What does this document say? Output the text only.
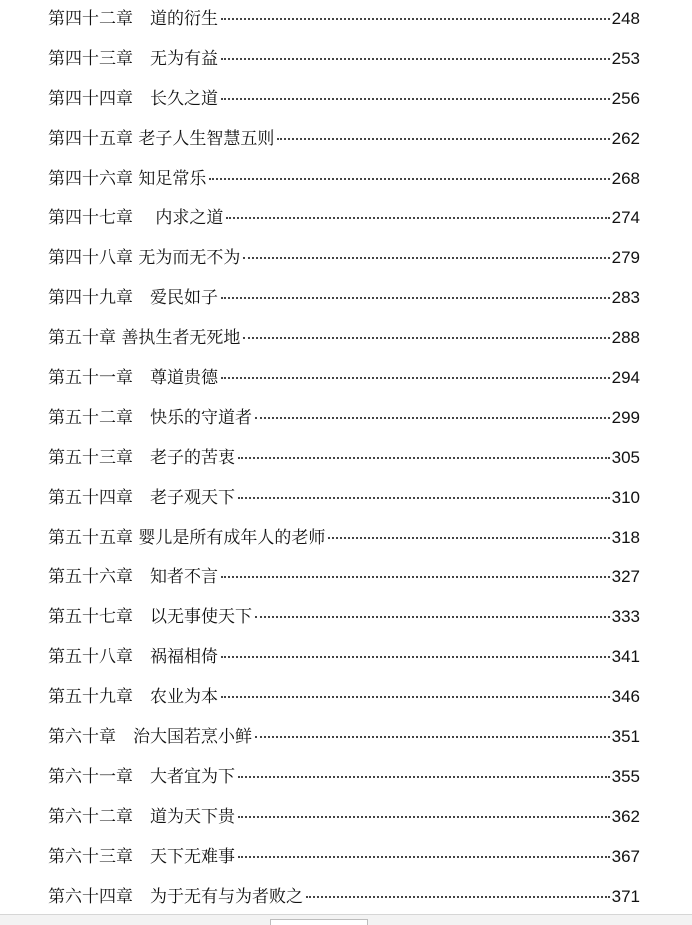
第四十二章　道的衍生	248
第四十三章　无为有益	253
第四十四章　长久之道	256
第四十五章 老子人生智慧五则	262
第四十六章 知足常乐	268
第四十七章　 内求之道	274
第四十八章 无为而无不为	279
第四十九章　爱民如子	283
第五十章 善执生者无死地	288
第五十一章　尊道贵德	294
第五十二章　快乐的守道者	299
第五十三章　老子的苦衷	305
第五十四章　老子观天下	310
第五十五章 婴儿是所有成年人的老师	318
第五十六章　知者不言	327
第五十七章　以无事使天下	333
第五十八章　祸福相倚	341
第五十九章　农业为本	346
第六十章　治大国若烹小鲜	351
第六十一章　大者宜为下	355
第六十二章　道为天下贵	362
第六十三章　天下无难事	367
第六十四章　为于无有与为者败之	371
